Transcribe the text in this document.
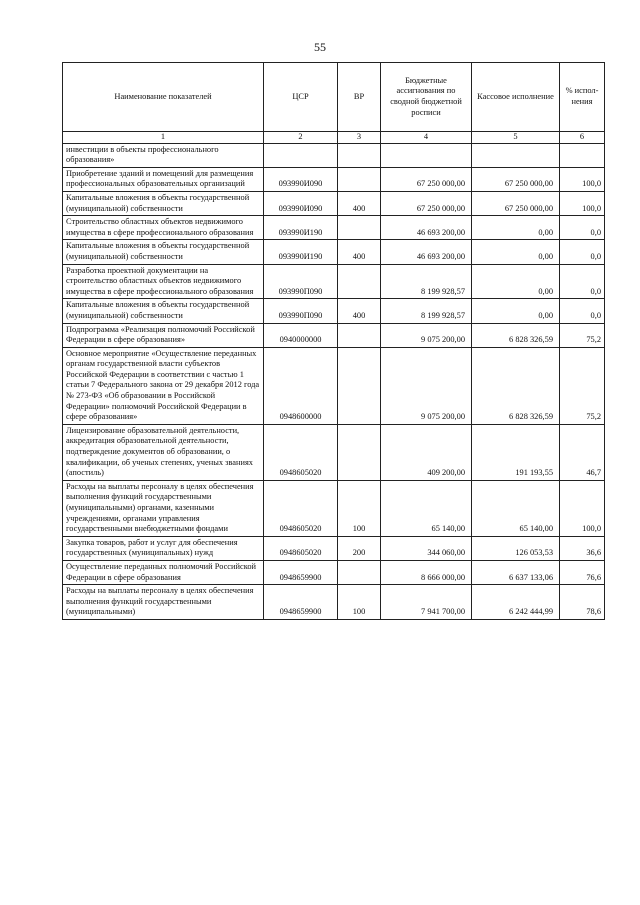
55
Наименование показателей	ЦСР	ВР	Бюджетные ассигнования по сводной бюджетной росписи	Кассовое исполнение	% испол-нения
1	2	3	4	5	6
инвестиции в объекты профессионального образования»					
Приобретение зданий и помещений для размещения профессиональных образовательных организаций	093990И090		67 250 000,00	67 250 000,00	100,0
Капитальные вложения в объекты государственной (муниципальной) собственности	093990И090	400	67 250 000,00	67 250 000,00	100,0
Строительство областных объектов недвижимого имущества в сфере профессионального образования	093990И190		46 693 200,00	0,00	0,0
Капитальные вложения в объекты государственной (муниципальной) собственности	093990И190	400	46 693 200,00	0,00	0,0
Разработка проектной документации на строительство областных объектов недвижимого имущества в сфере профессионального образования	093990П090		8 199 928,57	0,00	0,0
Капитальные вложения в объекты государственной (муниципальной) собственности	093990П090	400	8 199 928,57	0,00	0,0
Подпрограмма «Реализация полномочий Российской Федерации в сфере образования»	0940000000		9 075 200,00	6 828 326,59	75,2
Основное мероприятие «Осуществление переданных органам государственной власти субъектов Российской Федерации в соответствии с частью 1 статьи 7 Федерального закона от 29 декабря 2012 года № 273-ФЗ «Об образовании в Российской Федерации» полномочий Российской Федерации в сфере образования»	0948600000		9 075 200,00	6 828 326,59	75,2
Лицензирование образовательной деятельности, аккредитация образовательной деятельности, подтверждение документов об образовании, о квалификации, об ученых степенях, ученых званиях (апостиль)	0948605020		409 200,00	191 193,55	46,7
Расходы на выплаты персоналу в целях обеспечения выполнения функций государственными (муниципальными) органами, казенными учреждениями, органами управления государственными внебюджетными фондами	0948605020	100	65 140,00	65 140,00	100,0
Закупка товаров, работ и услуг для обеспечения государственных (муниципальных) нужд	0948605020	200	344 060,00	126 053,53	36,6
Осуществление переданных полномочий Российской Федерации в сфере образования	0948659900		8 666 000,00	6 637 133,06	76,6
Расходы на выплаты персоналу в целях обеспечения выполнения функций государственными (муниципальными)	0948659900	100	7 941 700,00	6 242 444,99	78,6
